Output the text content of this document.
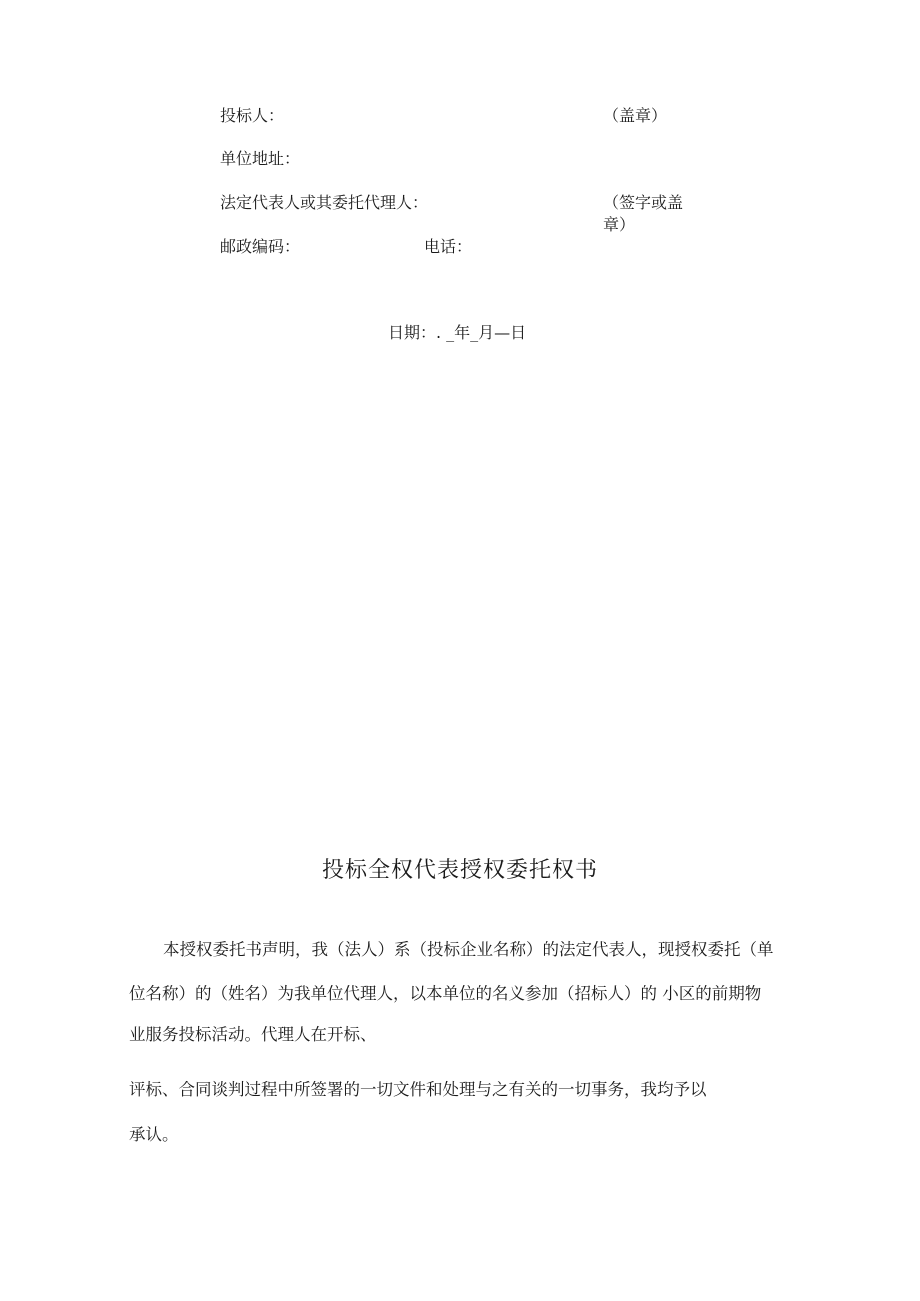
投标人：	（盖章）
单位地址：
法定代表人或其委托代理人：	（签字或盖
章）
邮政编码：	电话：
日期：. _年_月—日
投标全权代表授权委托权书
本授权委托书声明，我（法人）系（投标企业名称）的法定代表人，现授权委托（单
位名称）的（姓名）为我单位代理人，以本单位的名义参加（招标人）的 小区的前期物
业服务投标活动。代理人在开标、
评标、合同谈判过程中所签署的一切文件和处理与之有关的一切事务，我均予以
承认。
